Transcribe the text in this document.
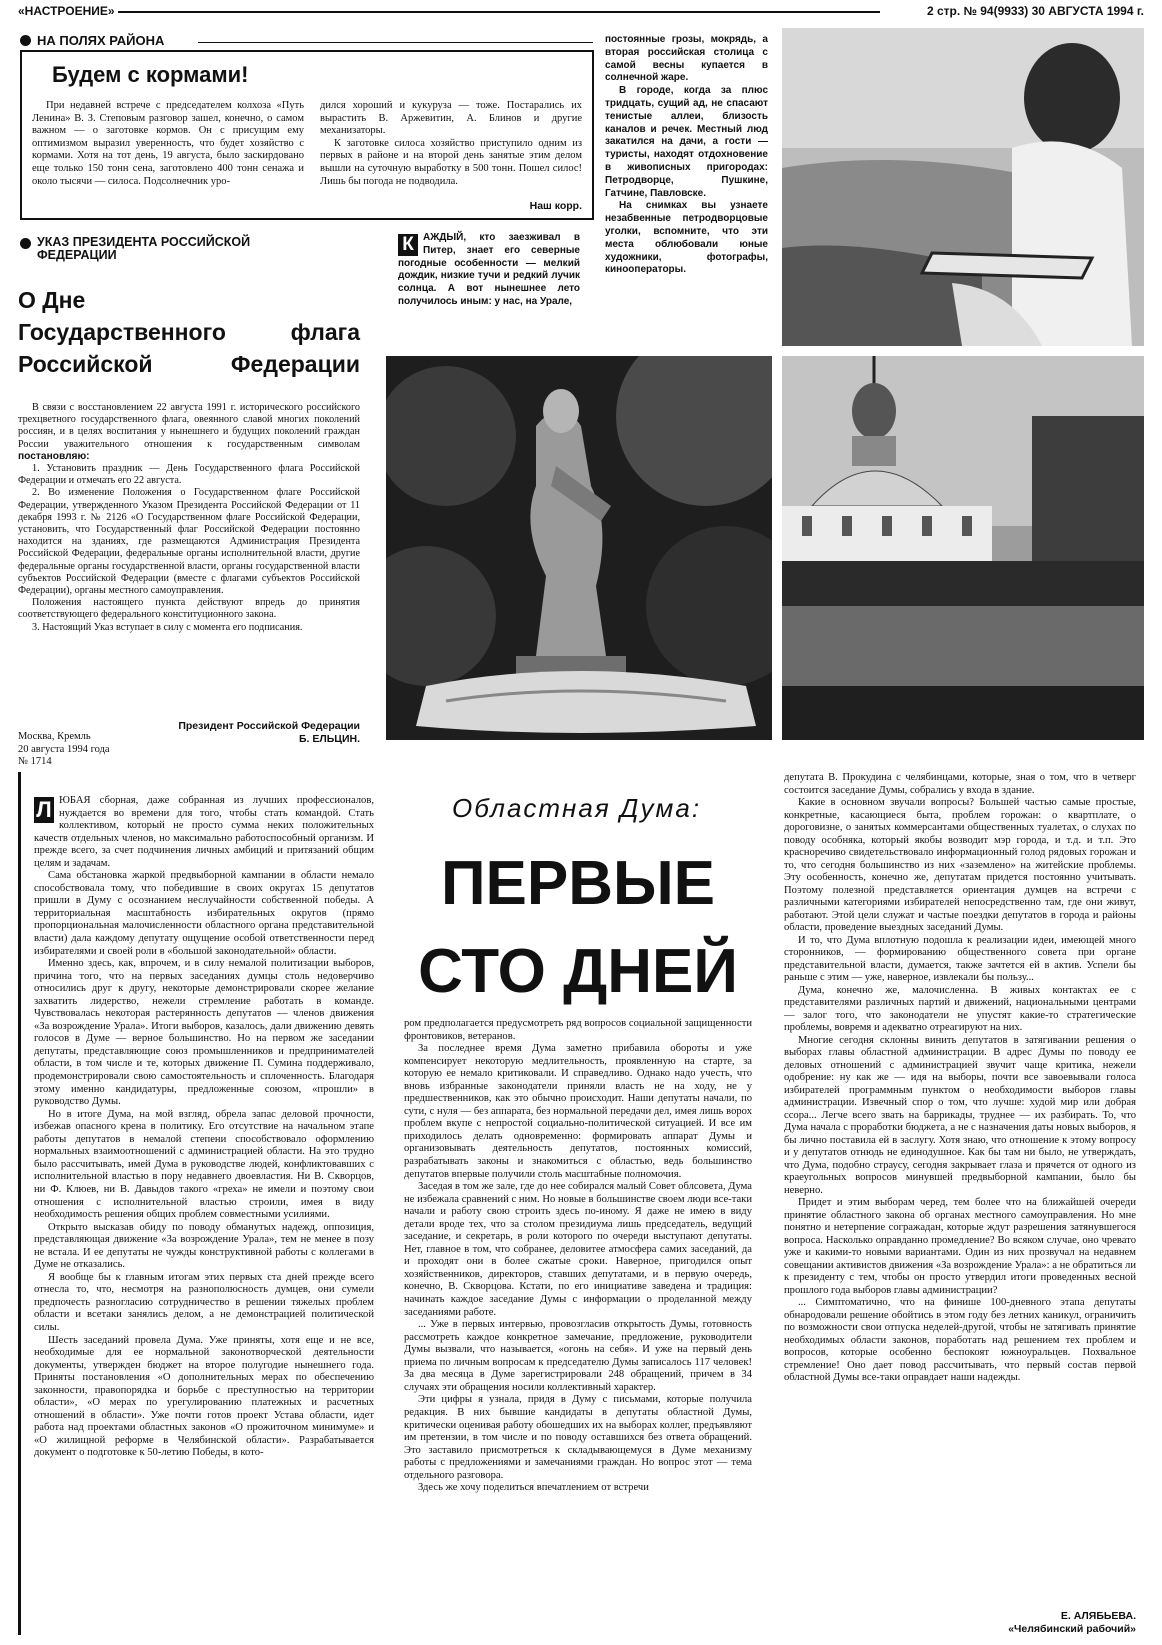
«НАСТРОЕНИЕ»	2 стр. № 94(9933) 30 АВГУСТА 1994 г.
НА ПОЛЯХ РАЙОНА
Будем с кормами!

При недавней встрече с председателем колхоза «Путь Ленина» В. З. Степовым разговор зашел, конечно, о самом важном — о заготовке кормов. Он с присущим ему оптимизмом выразил уверенность, что будет хозяйство с кормами. Хотя на тот день, 19 августа, было заскирдовано еще только 150 тонн сена, заготовлено 400 тонн сенажа и около тысячи — силоса. Подсолнечник уро-

дился хороший и кукуруза — тоже. Постарались их вырастить В. Аржевитин, А. Блинов и другие механизаторы.

К заготовке силоса хозяйство приступило одним из первых в районе и на второй день занятые этим делом вышли на суточную выработку в 500 тонн. Пошел силос! Лишь бы погода не подводила.

Наш корр.
УКАЗ ПРЕЗИДЕНТА РОССИЙСКОЙ ФЕДЕРАЦИИ
О Дне
Государственного флага
Российской Федерации

В связи с восстановлением 22 августа 1991 г. исторического российского трехцветного государственного флага, овеянного славой многих поколений россиян, и в целях воспитания у нынешнего и будущих поколений граждан России уважительного отношения к государственным символам постановляю:

1. Установить праздник — День Государственного флага Российской Федерации и отмечать его 22 августа.

2. Во изменение Положения о Государственном флаге Российской Федерации, утвержденного Указом Президента Российской Федерации от 11 декабря 1993 г. № 2126 «О Государственном флаге Российской Федерации, установить, что Государственный флаг Российской Федерации постоянно находится на зданиях, где размещаются Администрация Президента Российской Федерации, федеральные органы исполнительной власти, другие федеральные органы государственной власти, органы государственной власти субъектов Российской Федерации (вместе с флагами субъектов Российской Федерации), органы местного самоуправления.

Положения настоящего пункта действуют впредь до принятия соответствующего федерального конституционного закона.

3. Настоящий Указ вступает в силу с момента его подписания.

Президент Российской Федерации
Б. ЕЛЬЦИН.
Москва, Кремль
20 августа 1994 года
№ 1714
К АЖДЫЙ, кто заезживал в Питер, знает его северные погодные особенности — мелкий дождик, низкие тучи и редкий лучик солнца. А вот нынешнее лето получилось иным: у нас, на Урале,

постоянные грозы, мокрядь, а вторая российская столица с самой весны купается в солнечной жаре.

В городе, когда за плюс тридцать, сущий ад, не спасают тенистые аллеи, близость каналов и речек. Местный люд закатился на дачи, а гости — туристы, находят отдохновение в живописных пригородах: Петродворце, Пушкине, Гатчине, Павловске.

На снимках вы узнаете незабвенные петродворцовые уголки, вспомните, что эти места облюбовали юные художники, фотографы, кинооператоры.

Л ЮБАЯ сборная, даже собранная из лучших профессионалов, нуждается во времени для того, чтобы стать командой. Стать коллективом, который не просто сумма неких положительных качеств отдельных членов, но максимально работоспособный организм. И прежде всего, за счет подчинения личных амбиций и притязаний общим целям и задачам.

Сама обстановка жаркой предвыборной кампании в области немало способствовала тому, что победившие в своих округах 15 депутатов пришли в Думу с осознанием неслучайности собственной победы. А территориальная масштабность избирательных округов (прямо пропорциональная малочисленности областного органа представительной власти) дала каждому депутату ощущение особой ответственности перед избирателями и своей роли в «большой законодательной» области.

Именно здесь, как, впрочем, и в силу немалой политизации выборов, причина того, что на первых заседаниях думцы столь недоверчиво относились друг к другу, некоторые демонстрировали скорее желание захватить лидерство, нежели стремление работать в команде. Чувствовалась некоторая растерянность депутатов — членов движения «За возрождение Урала». Итоги выборов, казалось, дали движению девять голосов в Думе — верное большинство. Но на первом же заседании депутаты, представляющие союз промышленников и предпринимателей области, в том числе и те, которых движение П. Сумина поддерживало, продемонстрировали свою самостоятельность и сплоченность. Благодаря этому именно кандидатуры, предложенные союзом, «прошли» в руководство Думы.

Но в итоге Дума, на мой взгляд, обрела запас деловой прочности, избежав опасного крена в политику. Его отсутствие на начальном этапе работы депутатов в немалой степени способствовало оформлению нормальных взаимоотношений с администрацией области. На это трудно было рассчитывать, имей Дума в руководстве людей, конфликтовавших с исполнительной властью в пору недавнего двоевластия. Ни В. Скворцов, ни Ф. Клюев, ни В. Давыдов такого «греха» не имели и поэтому свои отношения с исполнительной властью строили, имея в виду необходимость решения общих проблем совместными усилиями.

Открыто высказав обиду по поводу обманутых надежд, оппозиция, представляющая движение «За возрождение Урала», тем не менее в позу не встала. И ее депутаты не чужды конструктивной работы с коллегами в Думе не отказались.

Я вообще бы к главным итогам этих первых ста дней прежде всего отнесла то, что, несмотря на разнополюсность думцев, они сумели предпочесть разногласию сотрудничество в решении тяжелых проблем области и всетаки занялись делом, а не демонстрацией политической силы.

Шесть заседаний провела Дума. Уже приняты, хотя еще и не все, необходимые для ее нормальной законотворческой деятельности документы, утвержден бюджет на второе полугодие нынешнего года. Приняты постановления «О дополнительных мерах по обеспечению законности, правопорядка и борьбе с преступностью на территории области», «О мерах по урегулированию платежных и расчетных отношений в области». Уже почти готов проект Устава области, идет работа над проектами областных законов «О прожиточном минимуме» и «О жилищной реформе в Челябинской области». Разрабатывается документ о подготовке к 50-летию Победы, в кото-

Областная Дума:
ПЕРВЫЕ
СТО ДНЕЙ

ром предполагается предусмотреть ряд вопросов социальной защищенности фронтовиков, ветеранов.

За последнее время Дума заметно прибавила обороты и уже компенсирует некоторую медлительность, проявленную на старте, за которую ее немало критиковали. И справедливо. Однако надо учесть, что вновь избранные законодатели приняли власть не на ходу, не у предшественников, как это обычно происходит. Наши депутаты начали, по сути, с нуля — без аппарата, без нормальной передачи дел, имея лишь ворох проблем вкупе с непростой социально-политической ситуацией. И все им приходилось делать одновременно: формировать аппарат Думы и организовывать деятельность депутатов, постоянных комиссий, разрабатывать законы и знакомиться с областью, ведь большинство депутатов впервые получили столь масштабные полномочия.

Заседая в том же зале, где до нее собирался малый Совет облсовета, Дума не избежала сравнений с ним. Но новые в большинстве своем люди все-таки начали и работу свою строить здесь по-иному. Я даже не имею в виду детали вроде тех, что за столом президиума лишь председатель, ведущий заседание, и секретарь, в роли которого по очереди выступают депутаты. Нет, главное в том, что собранее, деловитее атмосфера самих заседаний, да и проходят они в более сжатые сроки. Наверное, пригодился опыт хозяйственников, директоров, ставших депутатами, и в первую очередь, конечно, В. Скворцова. Кстати, по его инициативе заведена и традиция: начинать каждое заседание Думы с информации о проделанной между заседаниями работе.

... Уже в первых интервью, провозгласив открытость Думы, готовность рассмотреть каждое конкретное замечание, предложение, руководители Думы вызвали, что называется, «огонь на себя». И уже на первый день приема по личным вопросам к председателю Думы записалось 117 человек! За два месяца в Думе зарегистрировали 248 обращений, причем в 34 случаях эти обращения носили коллективный характер.

Эти цифры я узнала, придя в Думу с письмами, которые получила редакция. В них бывшие кандидаты в депутаты областной Думы, критически оценивая работу обошедших их на выборах коллег, предъявляют им претензии, в том числе и по поводу оставшихся без ответа обращений. Это заставило присмотреться к складывающемуся в Думе механизму работы с предложениями и замечаниями граждан. Но вопрос этот — тема отдельного разговора.

Здесь же хочу поделиться впечатлением от встречи

депутата В. Прокудина с челябинцами, которые, зная о том, что в четверг состоится заседание Думы, собрались у входа в здание.

Какие в основном звучали вопросы? Большей частью самые простые, конкретные, касающиеся быта, проблем горожан: о квартплате, о дороговизне, о занятых коммерсантами общественных туалетах, о слухах по поводу особняка, который якобы возводит мэр города, и т.д. и т.п. Это красноречиво свидетельствовало информационный голод рядовых горожан и то, что сегодня большинство из них «заземлено» на житейские проблемы. Эту особенность, конечно же, депутатам придется постоянно учитывать. Поэтому полезной представляется ориентация думцев на встречи с различными категориями избирателей непосредственно там, где они живут, работают. Этой цели служат и частые поездки депутатов в города и районы области, проведение выездных заседаний Думы.

И то, что Дума вплотную подошла к реализации идеи, имеющей много сторонников, — формированию общественного совета при органе представительной власти, думается, также зачтется ей в актив. Успели бы раньше с этим — уже, наверное, извлекали бы пользу...

Дума, конечно же, малочисленна. В живых контактах ее с представителями различных партий и движений, национальными центрами — залог того, что законодатели не упустят какие-то стратегические проблемы, вовремя и адекватно отреагируют на них.

Многие сегодня склонны винить депутатов в затягивании решения о выборах главы областной администрации. В адрес Думы по поводу ее деловых отношений с администрацией звучит чаще критика, нежели одобрение: ну как же — идя на выборы, почти все завоевывали голоса избирателей программным пунктом о необходимости выборов главы администрации. Извечный спор о том, что лучше: худой мир или добрая ссора... Легче всего звать на баррикады, труднее — их разбирать. То, что Дума начала с проработки бюджета, а не с назначения даты новых выборов, я бы лично поставила ей в заслугу. Хотя знаю, что отношение к этому вопросу и у депутатов отнюдь не единодушное. Как бы там ни было, не утверждать, что Дума, подобно страусу, сегодня закрывает глаза и прячется от одного из краеугольных вопросов минувшей предвыборной кампании, было бы неверно.

Придет и этим выборам черед, тем более что на ближайшей очереди принятие областного закона об органах местного самоуправления. Но мне понятно и нетерпение согражадан, которые ждут разрешения затянувшегося вопроса. Насколько оправданно промедление? Во всяком случае, оно чревато уже и какими-то новыми вариантами. Один из них прозвучал на недавнем совещании активистов движения «За возрождение Урала»: а не обратиться ли к президенту с тем, чтобы он просто утвердил итоги проведенных весной прошлого года выборов главы администрации?

... Симптоматично, что на финише 100-дневного этапа депутаты обнародовали решение обойтись в этом году без летних каникул, ограничить по возможности свои отпуска неделей-другой, чтобы не затягивать принятие необходимых области законов, поработать над решением тех проблем и вопросов, которые особенно беспокоят южноуральцев. Похвальное стремление! Оно дает повод рассчитывать, что первый состав первой областной Думы все-таки оправдает наши надежды.

Е. АЛЯБЬЕВА.
«Челябинский рабочий»
